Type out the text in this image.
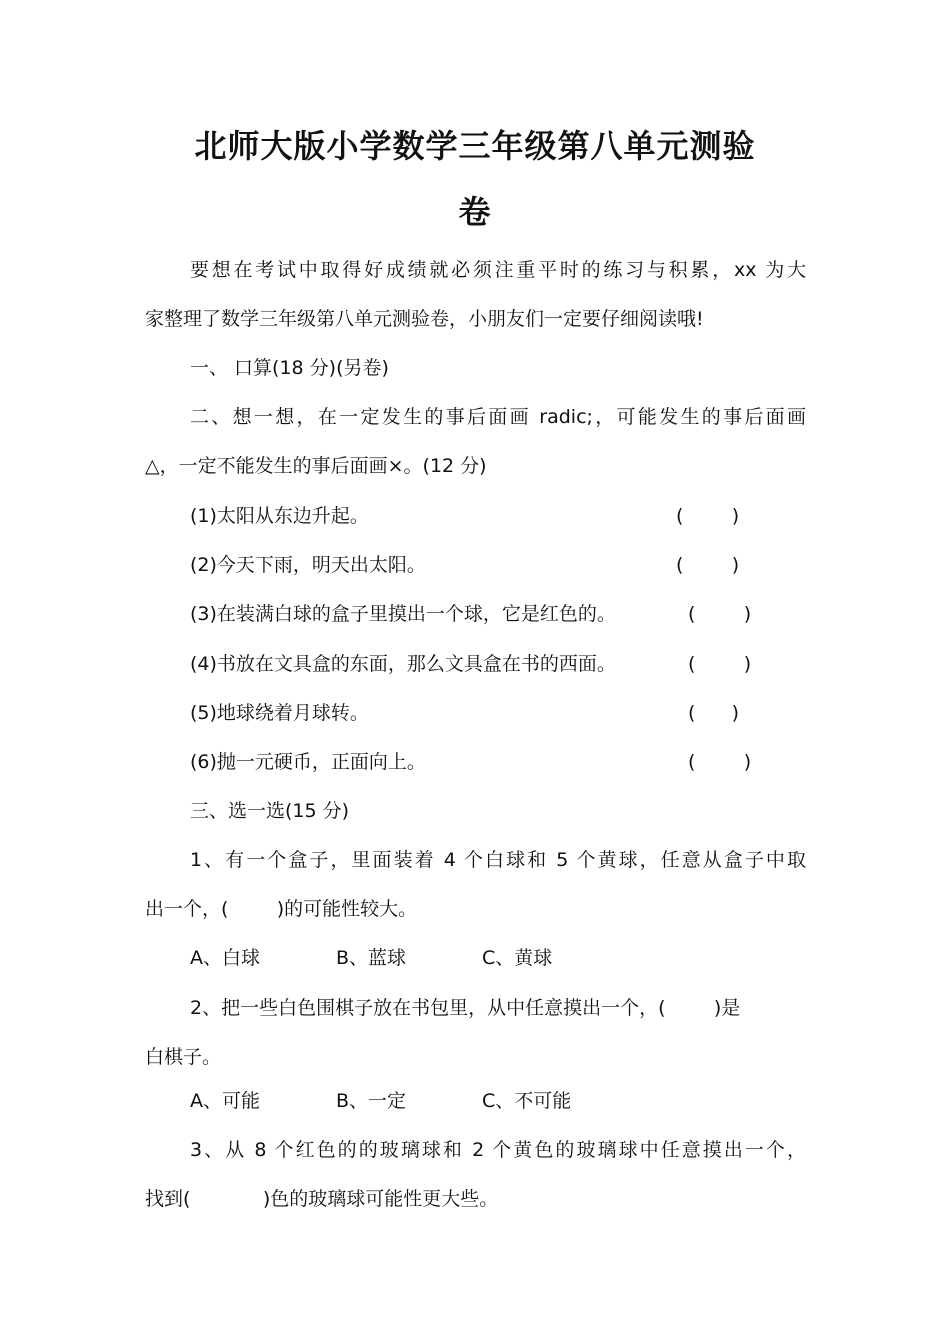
北师大版小学数学三年级第八单元测验
卷
要想在考试中取得好成绩就必须注重平时的练习与积累，xx 为大
家整理了数学三年级第八单元测验卷，小朋友们一定要仔细阅读哦!
一、 口算(18 分)(另卷)
二、想一想，在一定发生的事后面画 radic;，可能发生的事后面画
△，一定不能发生的事后面画×。(12 分)
(1)太阳从东边升起。	(        )
(2)今天下雨，明天出太阳。	(        )
(3)在装满白球的盒子里摸出一个球，它是红色的。	(        )
(4)书放在文具盒的东面，那么文具盒在书的西面。	(        )
(5)地球绕着月球转。	(      )
(6)抛一元硬币，正面向上。	(        )
三、选一选(15 分)
1、有一个盒子，里面装着 4 个白球和 5 个黄球，任意从盒子中取
出一个，(        )的可能性较大。
A、白球	B、蓝球	C、黄球
2、把一些白色围棋子放在书包里，从中任意摸出一个，(        )是
白棋子。
A、可能	B、一定	C、不可能
3、从 8 个红色的的玻璃球和 2 个黄色的玻璃球中任意摸出一个，
找到(            )色的玻璃球可能性更大些。
